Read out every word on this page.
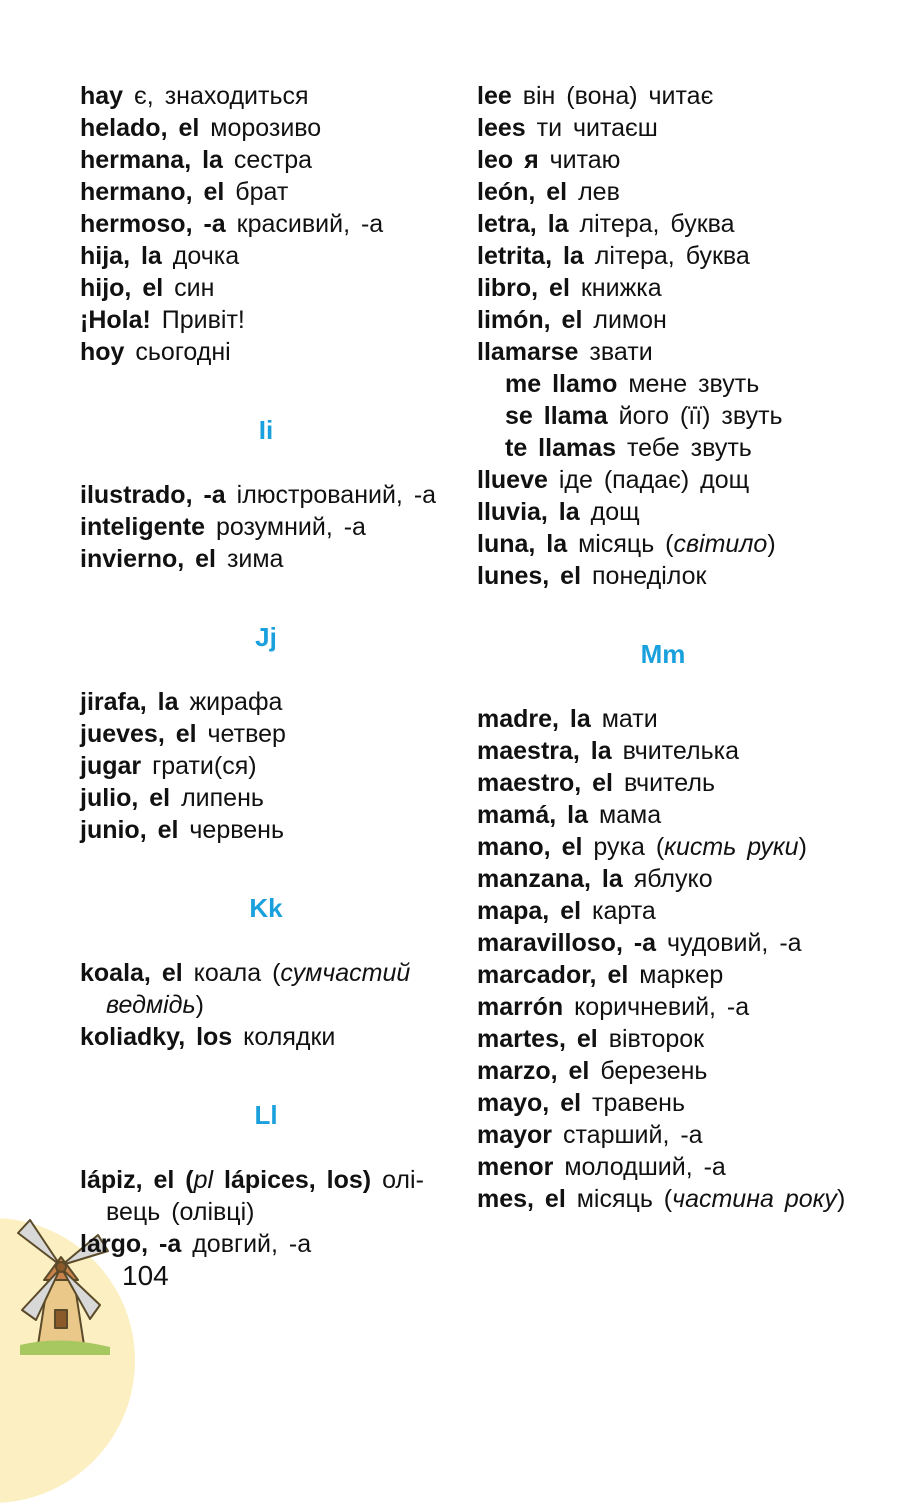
hay є, знаходиться
helado, el морозиво
hermana, la сестра
hermano, el брат
hermoso, -a красивий, -а
hija, la дочка
hijo, el син
¡Hola! Привіт!
hoy сьогодні
Ii
ilustrado, -a ілюстрований, -а
inteligente розумний, -а
invierno, el зима
Jj
jirafa, la жирафа
jueves, el четвер
jugar грати(ся)
julio, el липень
junio, el червень
Kk
koala, el коала (сумчастий ведмідь)
koliadky, los колядки
Ll
lápiz, el (pl lápices, los) олівець (олівці)
largo, -a довгий, -а
lee він (вона) читає
lees ти читаєш
leo я читаю
león, el лев
letra, la літера, буква
letrita, la літера, буква
libro, el книжка
limón, el лимон
llamarse звати
me llamo мене звуть
se llama його (її) звуть
te llamas тебе звуть
llueve іде (падає) дощ
lluvia, la дощ
luna, la місяць (світило)
lunes, el понеділок
Mm
madre, la мати
maestra, la вчителька
maestro, el вчитель
mamá, la мама
mano, el рука (кисть руки)
manzana, la яблуко
mapa, el карта
maravilloso, -a чудовий, -а
marcador, el маркер
marrón коричневий, -а
martes, el вівторок
marzo, el березень
mayo, el травень
mayor старший, -а
menor молодший, -а
mes, el місяць (частина року)
104
